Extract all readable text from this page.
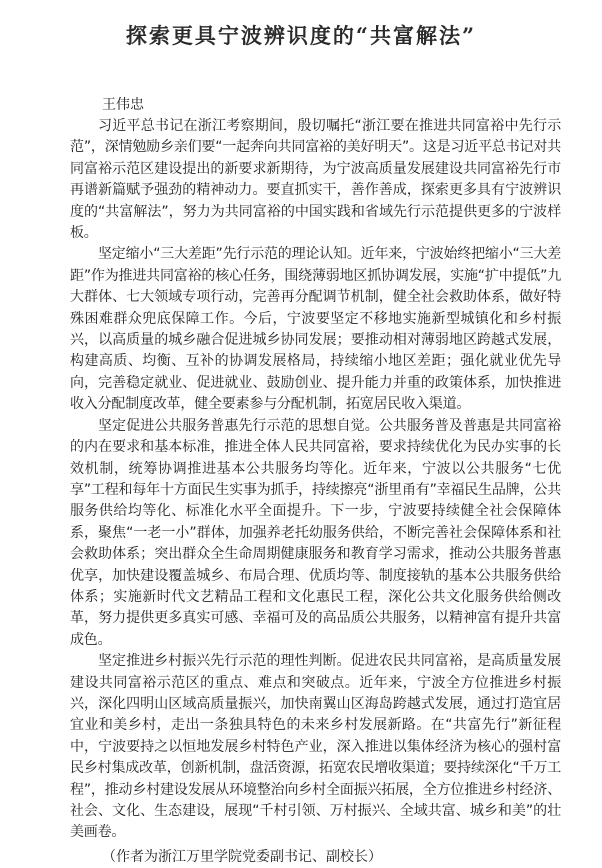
探索更具宁波辨识度的“共富解法”

王伟忠

习近平总书记在浙江考察期间，殷切嘱托“浙江要在推进共同富裕中先行示范”，深情勉励乡亲们要“一起奔向共同富裕的美好明天”。这是习近平总书记对共同富裕示范区建设提出的新要求新期待，为宁波高质量发展建设共同富裕先行市再谱新篇赋予强劲的精神动力。要直抓实干，善作善成，探索更多具有宁波辨识度的“共富解法”，努力为共同富裕的中国实践和省域先行示范提供更多的宁波样板。

坚定缩小“三大差距”先行示范的理论认知。近年来，宁波始终把缩小“三大差距”作为推进共同富裕的核心任务，围绕薄弱地区抓协调发展，实施“扩中提低”九大群体、七大领域专项行动，完善再分配调节机制，健全社会救助体系，做好特殊困难群众兜底保障工作。今后，宁波要坚定不移地实施新型城镇化和乡村振兴，以高质量的城乡融合促进城乡协同发展；要推动相对薄弱地区跨越式发展，构建高质、均衡、互补的协调发展格局，持续缩小地区差距；强化就业优先导向，完善稳定就业、促进就业、鼓励创业、提升能力并重的政策体系，加快推进收入分配制度改革，健全要素参与分配机制，拓宽居民收入渠道。

坚定促进公共服务普惠先行示范的思想自觉。公共服务普及普惠是共同富裕的内在要求和基本标准，推进全体人民共同富裕，要求持续优化为民办实事的长效机制，统筹协调推进基本公共服务均等化。近年来，宁波以公共服务“七优享”工程和每年十方面民生实事为抓手，持续擦亮“浙里甬有”幸福民生品牌，公共服务供给均等化、标准化水平全面提升。下一步，宁波要持续健全社会保障体系，聚焦“一老一小”群体，加强养老托幼服务供给，不断完善社会保障体系和社会救助体系；突出群众全生命周期健康服务和教育学习需求，推动公共服务普惠优享，加快建设覆盖城乡、布局合理、优质均等、制度接轨的基本公共服务供给体系；实施新时代文艺精品工程和文化惠民工程，深化公共文化服务供给侧改革，努力提供更多真实可感、幸福可及的高品质公共服务，以精神富有提升共富成色。

坚定推进乡村振兴先行示范的理性判断。促进农民共同富裕，是高质量发展建设共同富裕示范区的重点、难点和突破点。近年来，宁波全方位推进乡村振兴，深化四明山区域高质量振兴，加快南翼山区海岛跨越式发展，通过打造宜居宜业和美乡村，走出一条独具特色的未来乡村发展新路。在“共富先行”新征程中，宁波要持之以恒地发展乡村特色产业，深入推进以集体经济为核心的强村富民乡村集成改革，创新机制，盘活资源，拓宽农民增收渠道；要持续深化“千万工程”，推动乡村建设发展从环境整治向乡村全面振兴拓展，全方位推进乡村经济、社会、文化、生态建设，展现“千村引领、万村振兴、全域共富、城乡和美”的壮美画卷。

（作者为浙江万里学院党委副书记、副校长）
